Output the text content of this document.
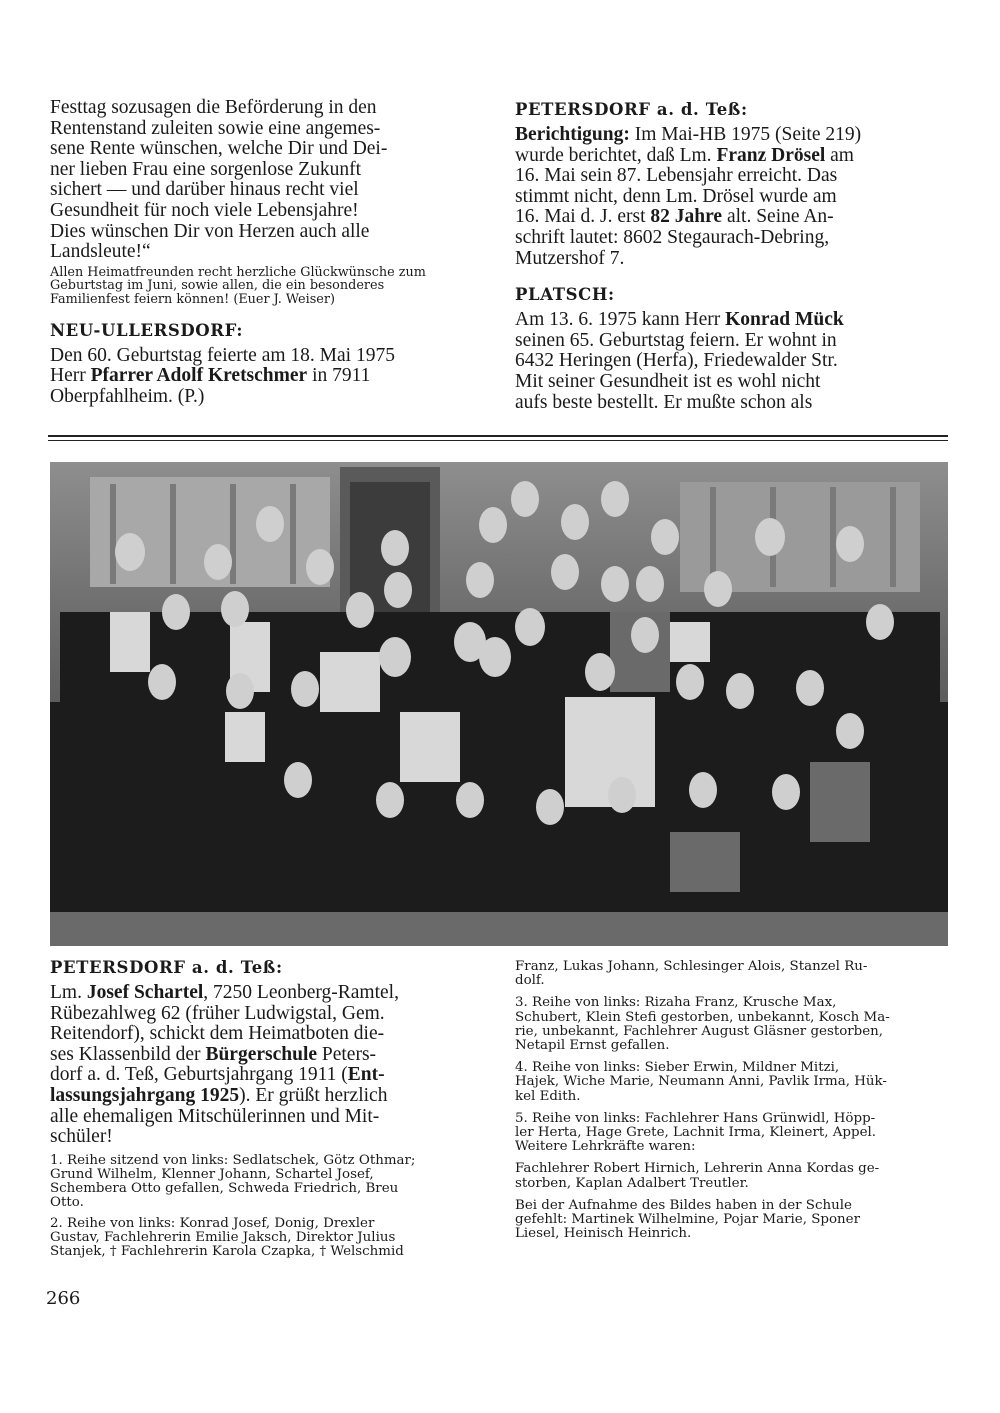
Festtag sozusagen die Beförderung in den
Rentenstand zuleiten sowie eine angemes-
sene Rente wünschen, welche Dir und Dei-
ner lieben Frau eine sorgenlose Zukunft
sichert — und darüber hinaus recht viel
Gesundheit für noch viele Lebensjahre!
Dies wünschen Dir von Herzen auch alle
Landsleute!“
Allen Heimatfreunden recht herzliche Glückwünsche zum
Geburtstag im Juni, sowie allen, die ein besonderes
Familienfest feiern können! (Euer J. Weiser)
NEU-ULLERSDORF:
Den 60. Geburtstag feierte am 18. Mai 1975
Herr Pfarrer Adolf Kretschmer in 7911
Oberpfahlheim. (P.)
PETERSDORF a. d. Teß:
Berichtigung: Im Mai-HB 1975 (Seite 219)
wurde berichtet, daß Lm. Franz Drösel am
16. Mai sein 87. Lebensjahr erreicht. Das
stimmt nicht, denn Lm. Drösel wurde am
16. Mai d. J. erst 82 Jahre alt. Seine An-
schrift lautet: 8602 Stegaurach-Debring,
Mutzershof 7.
PLATSCH:
Am 13. 6. 1975 kann Herr Konrad Mück
seinen 65. Geburtstag feiern. Er wohnt in
6432 Heringen (Herfa), Friedewalder Str.
Mit seiner Gesundheit ist es wohl nicht
aufs beste bestellt. Er mußte schon als
PETERSDORF a. d. Teß:
Lm. Josef Schartel, 7250 Leonberg-Ramtel,
Rübezahlweg 62 (früher Ludwigstal, Gem.
Reitendorf), schickt dem Heimatboten die-
ses Klassenbild der Bürgerschule Peters-
dorf a. d. Teß, Geburtsjahrgang 1911 (Ent-
lassungsjahrgang 1925). Er grüßt herzlich
alle ehemaligen Mitschülerinnen und Mit-
schüler!
1. Reihe sitzend von links: Sedlatschek, Götz Othmar;
Grund Wilhelm, Klenner Johann, Schartel Josef,
Schembera Otto gefallen, Schweda Friedrich, Breu
Otto.
2. Reihe von links: Konrad Josef, Donig, Drexler
Gustav, Fachlehrerin Emilie Jaksch, Direktor Julius
Stanjek, † Fachlehrerin Karola Czapka, † Welschmid
Franz, Lukas Johann, Schlesinger Alois, Stanzel Ru-
dolf.
3. Reihe von links: Rizaha Franz, Krusche Max,
Schubert, Klein Stefi gestorben, unbekannt, Kosch Ma-
rie, unbekannt, Fachlehrer August Gläsner gestorben,
Netapil Ernst gefallen.
4. Reihe von links: Sieber Erwin, Mildner Mitzi,
Hajek, Wiche Marie, Neumann Anni, Pavlik Irma, Hük-
kel Edith.
5. Reihe von links: Fachlehrer Hans Grünwidl, Höpp-
ler Herta, Hage Grete, Lachnit Irma, Kleinert, Appel.
Weitere Lehrkräfte waren:
Fachlehrer Robert Hirnich, Lehrerin Anna Kordas ge-
storben, Kaplan Adalbert Treutler.
Bei der Aufnahme des Bildes haben in der Schule
gefehlt: Martinek Wilhelmine, Pojar Marie, Sponer
Liesel, Heinisch Heinrich.
266
